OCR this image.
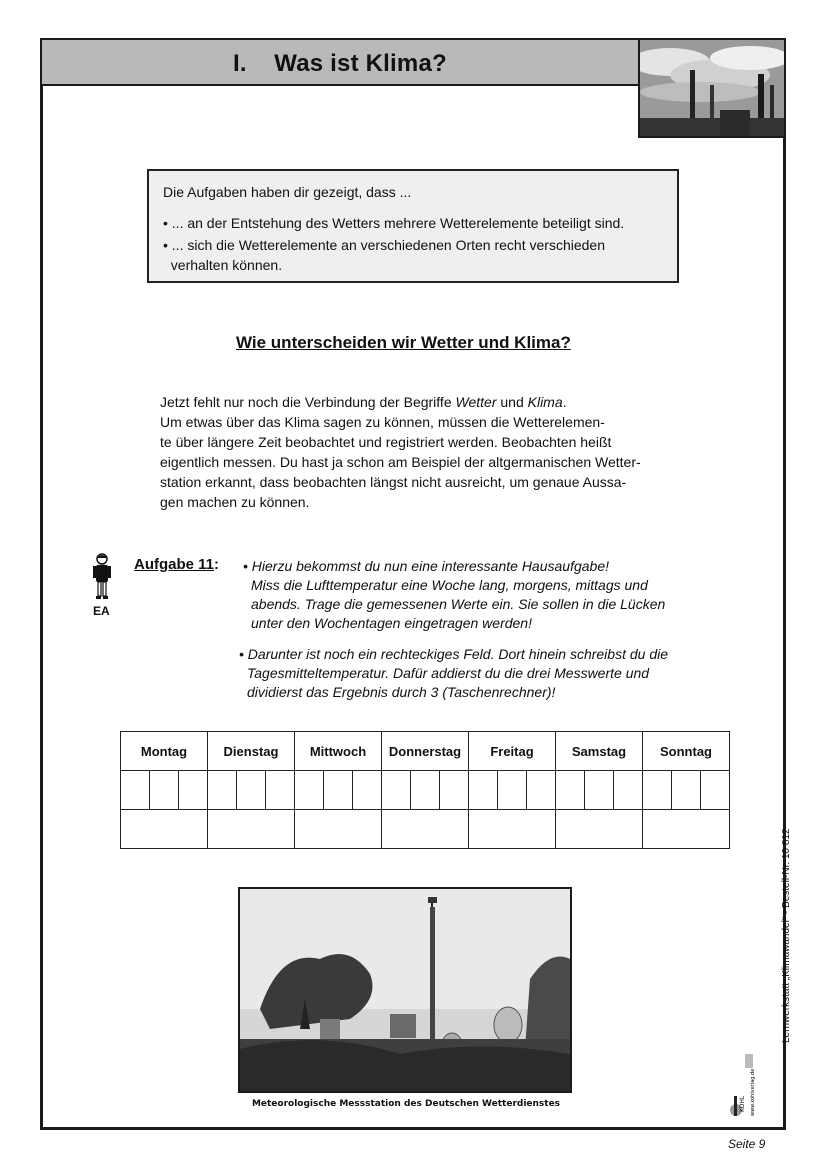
I. Was ist Klima?
Die Aufgaben haben dir gezeigt, dass ...
• ... an der Entstehung des Wetters mehrere Wetterelemente beteiligt sind.
• ... sich die Wetterelemente an verschiedenen Orten recht verschieden
verhalten können.
Wie unterscheiden wir Wetter und Klima?
Jetzt fehlt nur noch die Verbindung der Begriffe Wetter und Klima.
Um etwas über das Klima sagen zu können, müssen die Wetterelemen-
te über längere Zeit beobachtet und registriert werden. Beobachten heißt
eigentlich messen. Du hast ja schon am Beispiel der altgermanischen Wetter-
station erkannt, dass beobachten längst nicht ausreicht, um genaue Aussa-
gen machen zu können.
EA
Aufgabe 11: • Hierzu bekommst du nun eine interessante Hausaufgabe!
Miss die Lufttemperatur eine Woche lang, morgens, mittags und
abends. Trage die gemessenen Werte ein. Sie sollen in die Lücken
unter den Wochentagen eingetragen werden!
• Darunter ist noch ein rechteckiges Feld. Dort hinein schreibst du die
Tagesmitteltemperatur. Dafür addierst du die drei Messwerte und
dividierst das Ergebnis durch 3 (Taschenrechner)!
Montag			Dienstag			Mittwoch			Donnerstag			Freitag			Samstag			Sonntag		

Meteorologische Messstation des Deutschen Wetterdienstes
Lernwerkstatt „Klimawandel“ - Bestell-Nr. 10 812
KOHL www.kohlverlag.de
Seite 9
